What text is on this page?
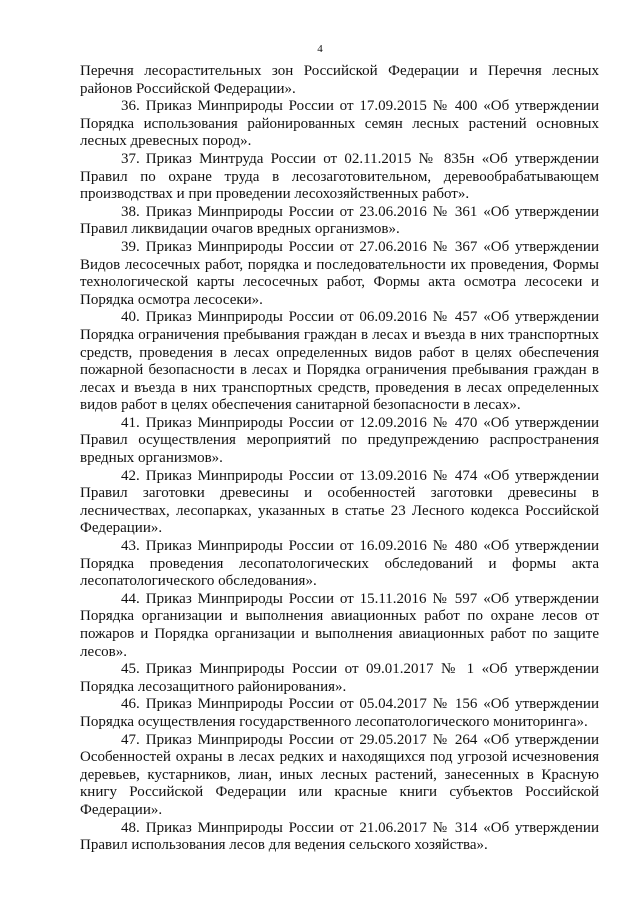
4

Перечня лесорастительных зон Российской Федерации и Перечня лесных районов Российской Федерации».

36. Приказ Минприроды России от 17.09.2015 № 400 «Об утверждении Порядка использования районированных семян лесных растений основных лесных древесных пород».

37. Приказ Минтруда России от 02.11.2015 № 835н «Об утверждении Правил по охране труда в лесозаготовительном, деревообрабатывающем производствах и при проведении лесохозяйственных работ».

38. Приказ Минприроды России от 23.06.2016 № 361 «Об утверждении Правил ликвидации очагов вредных организмов».

39. Приказ Минприроды России от 27.06.2016 № 367 «Об утверждении Видов лесосечных работ, порядка и последовательности их проведения, Формы технологической карты лесосечных работ, Формы акта осмотра лесосеки и Порядка осмотра лесосеки».

40. Приказ Минприроды России от 06.09.2016 № 457 «Об утверждении Порядка ограничения пребывания граждан в лесах и въезда в них транспортных средств, проведения в лесах определенных видов работ в целях обеспечения пожарной безопасности в лесах и Порядка ограничения пребывания граждан в лесах и въезда в них транспортных средств, проведения в лесах определенных видов работ в целях обеспечения санитарной безопасности в лесах».

41. Приказ Минприроды России от 12.09.2016 № 470 «Об утверждении Правил осуществления мероприятий по предупреждению распространения вредных организмов».

42. Приказ Минприроды России от 13.09.2016 № 474 «Об утверждении Правил заготовки древесины и особенностей заготовки древесины в лесничествах, лесопарках, указанных в статье 23 Лесного кодекса Российской Федерации».

43. Приказ Минприроды России от 16.09.2016 № 480 «Об утверждении Порядка проведения лесопатологических обследований и формы акта лесопатологического обследования».

44. Приказ Минприроды России от 15.11.2016 № 597 «Об утверждении Порядка организации и выполнения авиационных работ по охране лесов от пожаров и Порядка организации и выполнения авиационных работ по защите лесов».

45. Приказ Минприроды России от 09.01.2017 № 1 «Об утверждении Порядка лесозащитного районирования».

46. Приказ Минприроды России от 05.04.2017 № 156 «Об утверждении Порядка осуществления государственного лесопатологического мониторинга».

47. Приказ Минприроды России от 29.05.2017 № 264 «Об утверждении Особенностей охраны в лесах редких и находящихся под угрозой исчезновения деревьев, кустарников, лиан, иных лесных растений, занесенных в Красную книгу Российской Федерации или красные книги субъектов Российской Федерации».

48. Приказ Минприроды России от 21.06.2017 № 314 «Об утверждении Правил использования лесов для ведения сельского хозяйства».
